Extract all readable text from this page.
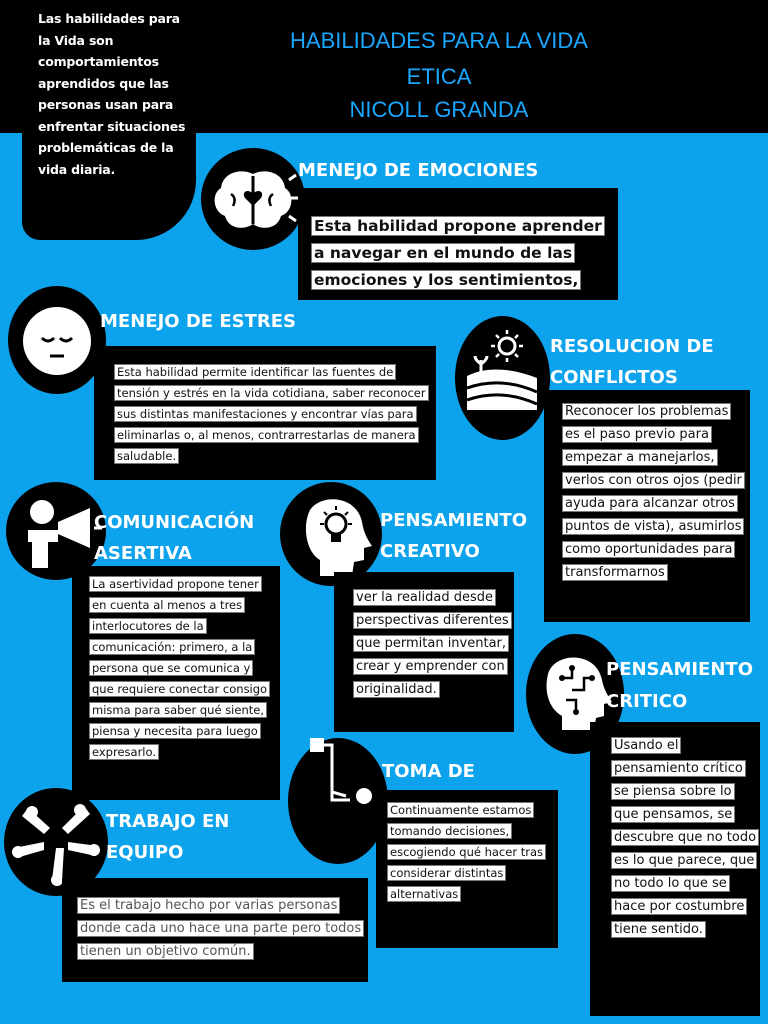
Las habilidades para la Vida son comportamientos aprendidos que las personas usan para enfrentar situaciones problemáticas de la vida diaria.
HABILIDADES PARA LA VIDA
ETICA
NICOLL GRANDA
MENEJO DE EMOCIONES
Esta habilidad propone aprender a navegar en el mundo de las emociones y los sentimientos,
MENEJO DE ESTRES
Esta habilidad permite identificar las fuentes de tensión y estrés en la vida cotidiana, saber reconocer sus distintas manifestaciones y encontrar vías para eliminarlas o, al menos, contrarrestarlas de manera saludable.
RESOLUCION DE
CONFLICTOS
Reconocer los problemas es el paso previo para empezar a manejarlos, verlos con otros ojos (pedir ayuda para alcanzar otros puntos de vista), asumirlos como oportunidades para transformarnos
COMUNICACIÓN
ASERTIVA
La asertividad propone tener en cuenta al menos a tres interlocutores de la comunicación: primero, a la persona que se comunica y que requiere conectar consigo misma para saber qué siente, piensa y necesita para luego expresarlo.
PENSAMIENTO
CREATIVO
ver la realidad desde perspectivas diferentes que permitan inventar, crear y emprender con originalidad.
PENSAMIENTO
CRITICO
Usando el pensamiento crítico se piensa sobre lo que pensamos, se descubre que no todo es lo que parece, que no todo lo que se hace por costumbre tiene sentido.
TOMA DE
Continuamente estamos tomando decisiones, escogiendo qué hacer tras considerar distintas alternativas
TRABAJO EN
EQUIPO
Es el trabajo hecho por varias personas donde cada uno hace una parte pero todos tienen un objetivo común.
